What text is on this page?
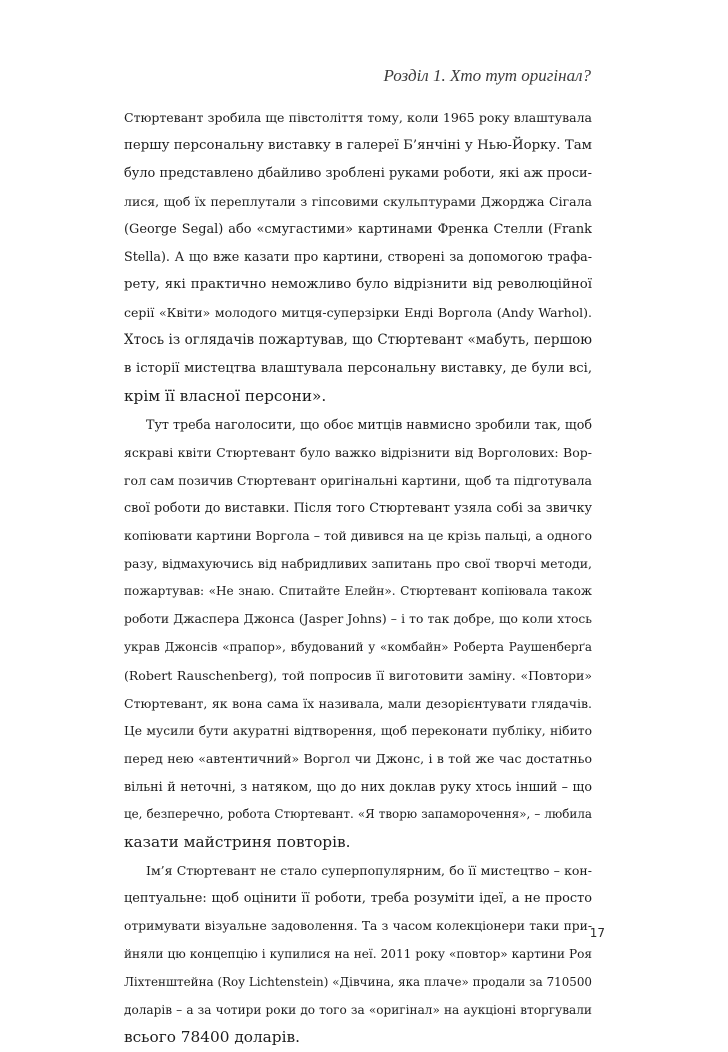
Розділ 1. Хто тут оригінал?
Стюртевант зробила ще півстоліття тому, коли 1965 року влаштувала
першу персональну виставку в галереї Б’янчіні у Нью-Йорку. Там
було представлено дбайливо зроблені руками роботи, які аж проси-
лися, щоб їх переплутали з гіпсовими скульптурами Джорджа Сігала
(George Segal) або «смугастими» картинами Френка Стелли (Frank
Stella). А що вже казати про картини, створені за допомогою трафа-
рету, які практично неможливо було відрізнити від революційної
серії «Квіти» молодого митця-суперзірки Енді Воргола (Andy Warhol).
Хтось із оглядачів пожартував, що Стюртевант «мабуть, першою
в історії мистецтва влаштувала персональну виставку, де були всі,
крім її власної персони».
Тут треба наголосити, що обоє митців навмисно зробили так, щоб
яскраві квіти Стюртевант було важко відрізнити від Ворголових: Вор-
гол сам позичив Стюртевант оригінальні картини, щоб та підготувала
свої роботи до виставки. Після того Стюртевант узяла собі за звичку
копіювати картини Воргола – той дивився на це крізь пальці, а одного
разу, відмахуючись від набридливих запитань про свої творчі методи,
пожартував: «Не знаю. Спитайте Елейн». Стюртевант копіювала також
роботи Джаспера Джонса (Jasper Johns) – і то так добре, що коли хтось
украв Джонсів «прапор», вбудований у «комбайн» Роберта Раушенберґа
(Robert Rauschenberg), той попросив її виготовити заміну. «Повтори»
Стюртевант, як вона сама їх називала, мали дезорієнтувати глядачів.
Це мусили бути акуратні відтворення, щоб переконати публіку, нібито
перед нею «автентичний» Воргол чи Джонс, і в той же час достатньо
вільні й неточні, з натяком, що до них доклав руку хтось інший – що
це, безперечно, робота Стюртевант. «Я творю запаморочення», – любила
казати майстриня повторів.
Ім’я Стюртевант не стало суперпопулярним, бо її мистецтво – кон-
цептуальне: щоб оцінити її роботи, треба розуміти ідеї, а не просто
отримувати візуальне задоволення. Та з часом колекціонери таки при-
йняли цю концепцію і купилися на неї. 2011 року «повтор» картини Роя
Ліхтенштейна (Roy Lichtenstein) «Дівчина, яка плаче» продали за 710500
доларів – а за чотири роки до того за «оригінал» на аукціоні вторгували
всього 78400 доларів.
17
